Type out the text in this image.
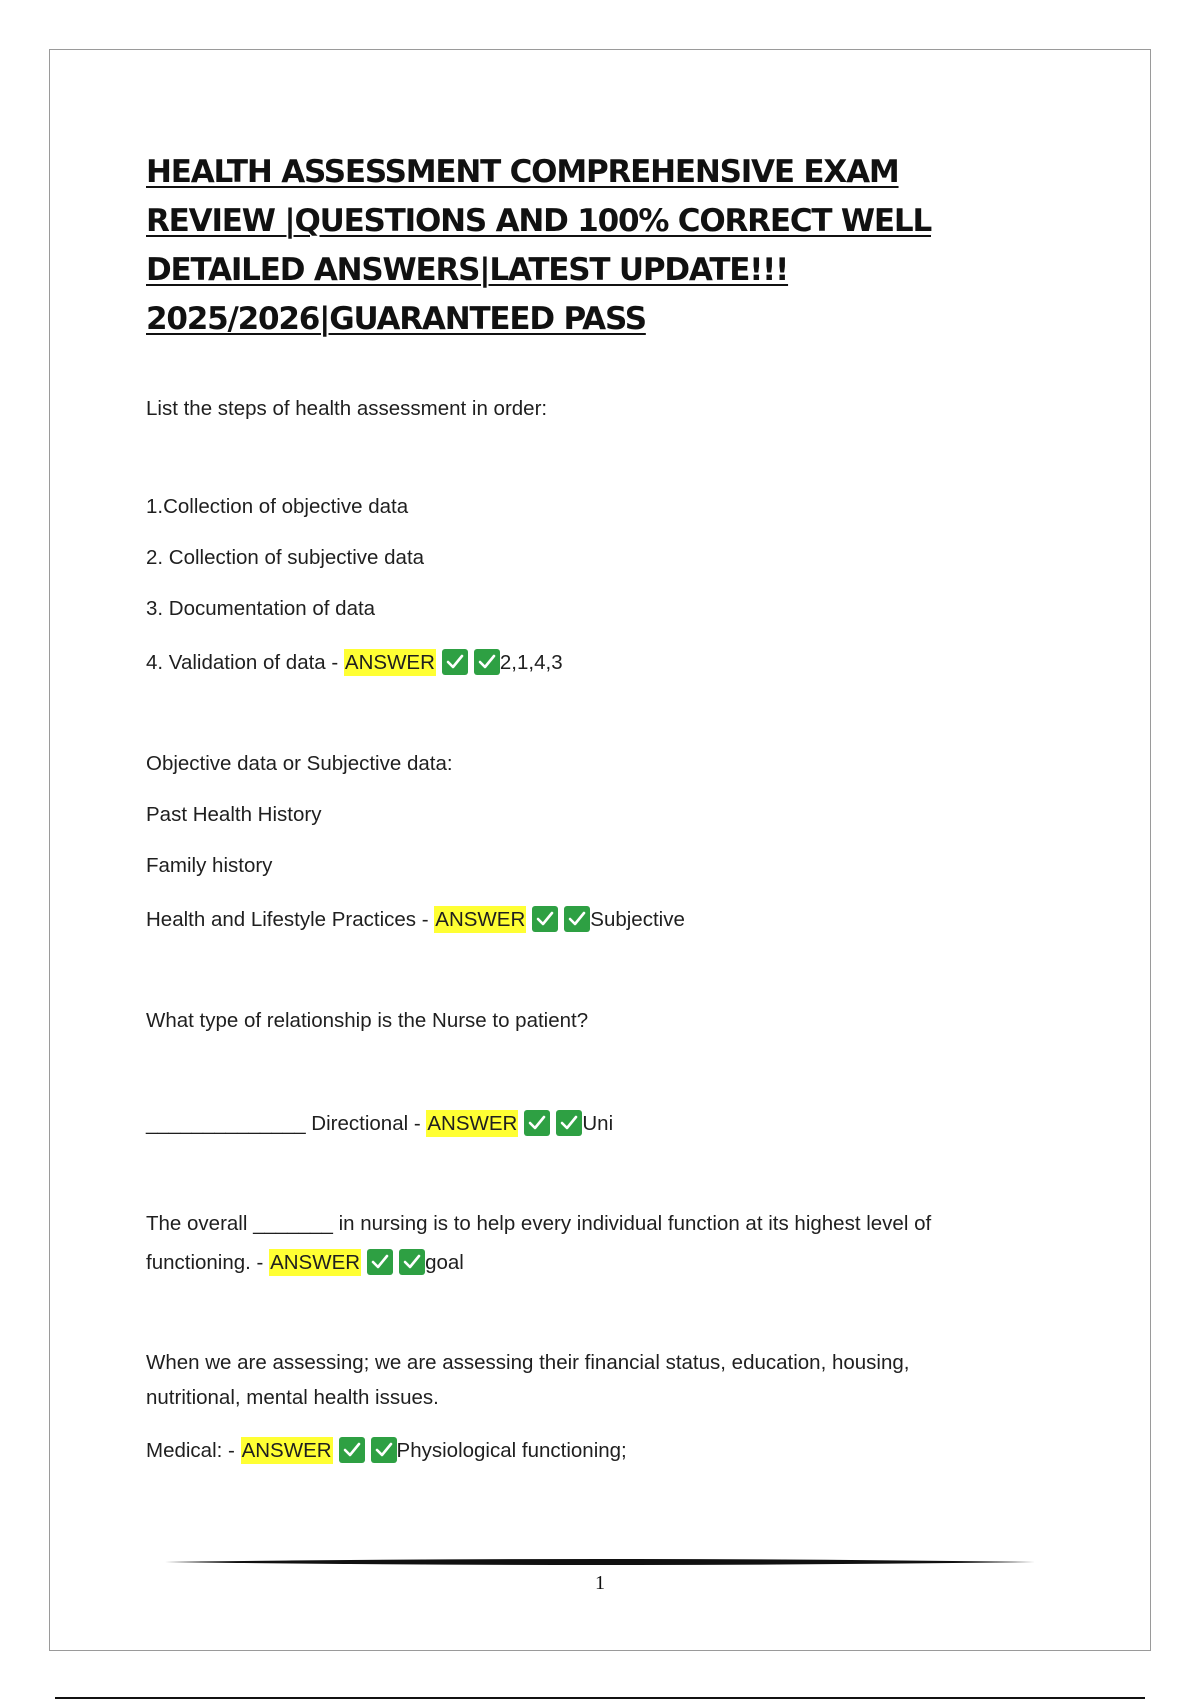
HEALTH ASSESSMENT COMPREHENSIVE EXAM
REVIEW |QUESTIONS AND 100% CORRECT WELL
DETAILED ANSWERS|LATEST UPDATE!!!
2025/2026|GUARANTEED PASS
List the steps of health assessment in order:
1.Collection of objective data
2. Collection of subjective data
3. Documentation of data
4. Validation of data - ANSWER	2,1,4,3
Objective data or Subjective data:
Past Health History
Family history
Health and Lifestyle Practices - ANSWER	Subjective
What type of relationship is the Nurse to patient?
______________ Directional - ANSWER	Uni
The overall _______ in nursing is to help every individual function at its highest level of
functioning. - ANSWER	goal
When we are assessing; we are assessing their financial status, education, housing,
nutritional, mental health issues.
Medical: - ANSWER	Physiological functioning;
1
